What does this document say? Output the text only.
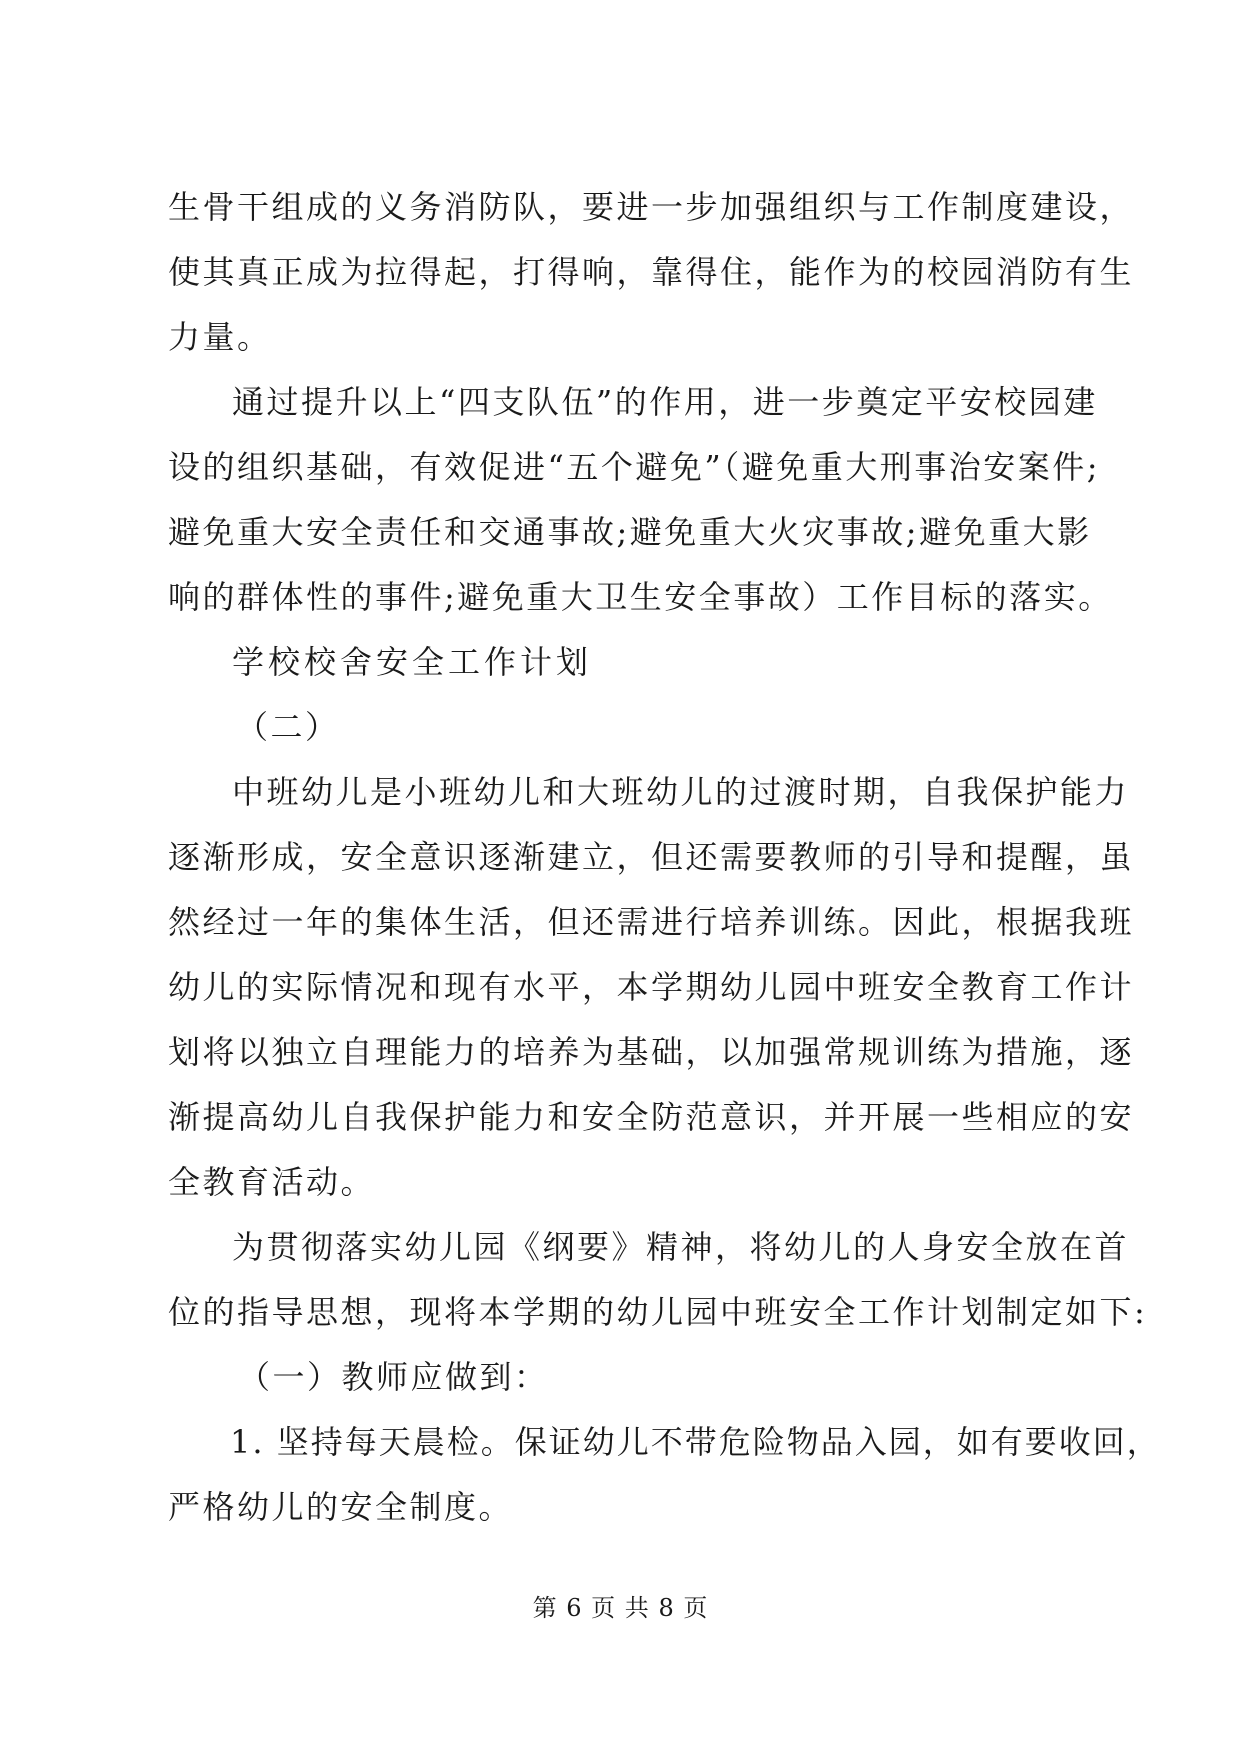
生骨干组成的义务消防队，要进一步加强组织与工作制度建设，
使其真正成为拉得起，打得响，靠得住，能作为的校园消防有生
力量。
通过提升以上“四支队伍”的作用，进一步奠定平安校园建
设的组织基础，有效促进“五个避免”（避免重大刑事治安案件;
避免重大安全责任和交通事故;避免重大火灾事故;避免重大影
响的群体性的事件;避免重大卫生安全事故）工作目标的落实。
学校校舍安全工作计划
（二）
中班幼儿是小班幼儿和大班幼儿的过渡时期，自我保护能力
逐渐形成，安全意识逐渐建立，但还需要教师的引导和提醒，虽
然经过一年的集体生活，但还需进行培养训练。因此，根据我班
幼儿的实际情况和现有水平，本学期幼儿园中班安全教育工作计
划将以独立自理能力的培养为基础，以加强常规训练为措施，逐
渐提高幼儿自我保护能力和安全防范意识，并开展一些相应的安
全教育活动。
为贯彻落实幼儿园《纲要》精神，将幼儿的人身安全放在首
位的指导思想，现将本学期的幼儿园中班安全工作计划制定如下:
（一）教师应做到：
1. 坚持每天晨检。保证幼儿不带危险物品入园，如有要收回，
严格幼儿的安全制度。
第 6 页 共 8 页
